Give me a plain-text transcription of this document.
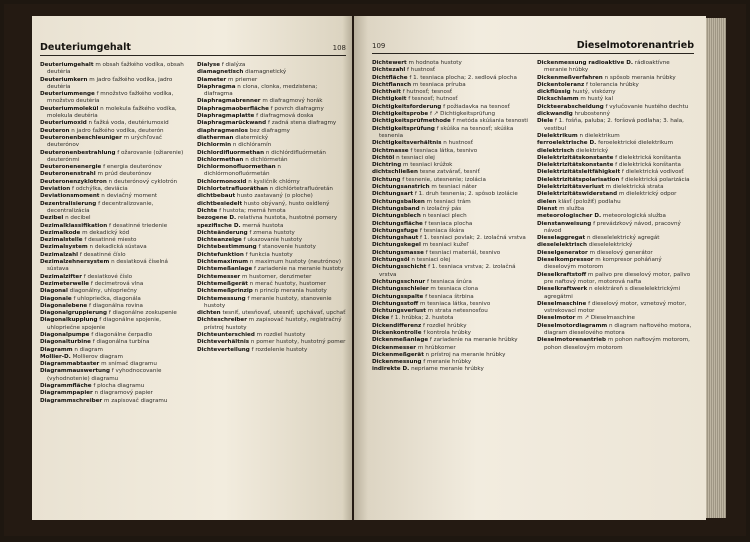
Deuteriumgehalt	108
Deuteriumgehalt m obsah ťažkého vodíka, obsah deutéria
Deuteriumkern m jadro ťažkého vodíka, jadro deutéria
Deuteriummenge f množstvo ťažkého vodíka, množstvo deutéria
Deuteriummolekül n molekula ťažkého vodíka, molekula deutéria
Deuteriumoxid n ťažká voda, deutériumoxid
Deuteron n jadro ťažkého vodíka, deuterón
Deuteronenbeschleuniger m urýchľovač deuterónov
Deuteronenbestrahlung f ožarovanie (ožiarenie) deuterónmi
Deuteronenenergie f energia deuterónov
Deuteronenstrahl m prúd deuterónov
Deuteronenzyklotron n deuterónový cyklotrón
Deviation f odchýlka, deviácia
Deviationsmoment n deviačný moment
Dezentralisierung f decentralizovanie, decentralizácia
Dezibel n decibel
Dezimalklassifikation f desatinné triedenie
Dezimalkode m dekadický kód
Dezimalstelle f desatinné miesto
Dezimalsystem n dekadická sústava
Dezimalzahl f desatinné číslo
Dezimalzehnersystem n desiatková číselná sústava
Dezimalzifter f desiatkové číslo
Dezimeterwelle f decimetrová vlna
Diagonal diagonálny, uhlopriečny
Diagonale f uhlopriečka, diagonála
Diagonalebene f diagonálna rovina
Diagonalgruppierung f diagonálne zoskupenie
Diagonalkupplung f diagonálne spojenie, uhlopriečne spojenie
Diagonalpumpe f diagonálne čerpadlo
Diagonalturbine f diagonálna turbína
Diagramm n diagram
Mollier-D. Mollierov diagram
Diagrammabtaster m snímač diagramu
Diagrammauswertung f vyhodnocovanie (vyhodnotenie) diagramu
Diagrammfläche f plocha diagramu
Diagrammpapier n diagramový papier
Diagrammschreiber m zapisovač diagramu
Dialyse f dialýza
diamagnetisch diamagnetický
Diameter m priemer
Diaphragma n clona, clonka, medzistena; diafragma
Diaphragmabrenner m diafragmový horák
Diaphragmaoberfläche f povrch diafragmy
Diaphragmaplatte f diafragmová doska
Diaphragmarückwand f zadná stena diafragmy
diaphragmenlos bez diafragmy
diatherman diatermický
Dichlormin n dichlóramín
Dichlordifluormethan n dichlórdifluórmetán
Dichlormethan n dichlórmetán
Dichlormonofluormethan n dichlórmonofluórmetán
Dichlormonoxid n kysličník chlórny
Dichlortetrafluoräthan n dichlórtetrafluóretán
dichtbebaut husto zastavaný (o ploche)
dichtbesiedelt husto obývaný, husto osídlený
Dichte f hustota; merná hmota
bezogene D. relatívna hustota, hustotné pomery
spezifische D. merná hustota
Dichteänderung f zmena hustoty
Dichteanzeige f ukazovanie hustoty
Dichtebestimmung f stanovenie hustoty
Dichtefunktion f funkcia hustoty
Dichtemaximum n maximum hustoty (neutrónov)
Dichtemeßanlage f zariadenie na meranie hustoty
Dichtemesser m hustomer, denzimeter
Dichtemeßgerät n merač hustoty, hustomer
Dichtemeßprinzip n princíp merania hustoty
Dichtemessung f meranie hustoty, stanovenie hustoty
dichten tesniť, utesňovať, utesniť; upchávať, upchať
Dichteschreiber m zapisovač hustoty, registračný prístroj hustoty
Dichteunterschied m rozdiel hustoty
Dichteverhältnis n pomer hustoty, hustotný pomer
Dichteverteilung f rozdelenie hustoty
109	Dieselmotorenantrieb
Dichtewert m hodnota hustoty
Dichtezahl f hustnosť
Dichtfläche f 1. tesniaca plocha; 2. sedlová plocha
Dichtflansch m tesniaca príruba
Dichtheit f hutnosť; tesnosť
Dichtigkeit f tesnosť; hutnosť
Dichtigkeitsforderung f požiadavka na tesnosť
Dichtigkeitsprobe f ↗ Dichtigkeitsprüfung
Dichtigkeitsprüfmethode f metóda skúšania tesnosti
Dichtigkeitsprüfung f skúška na tesnosť; skúška tesnenia
Dichtigkeitsverhältnis n hustnosť
Dichtmasse f tesniaca látka, tesnivo
Dichtöl n tesniaci olej
Dichtring m tesniaci krúžok
dichtschließen tesne zatvárať, tesniť
Dichtung f tesnenie, utesnenie; izolácia
Dichtungsanstrich m tesniaci náter
Dichtungsart f 1. druh tesnenia; 2. spôsob izolácie
Dichtungsbalken m tesniaci trám
Dichtungsband n izolačný pás
Dichtungsblech n tesniaci plech
Dichtungsfläche f tesniaca plocha
Dichtungsfuge f tesniaca škára
Dichtungshaut f 1. tesniaci povlak; 2. izolačná vrstva
Dichtungskegel m tesniaci kužeľ
Dichtungsmasse f tesniaci materiál, tesnivo
Dichtungsöl n tesniaci olej
Dichtungsschicht f 1. tesniaca vrstva; 2. izolačná vrstva
Dichtungsschnur f tesniaca šnúra
Dichtungsschleier m tesniaca clona
Dichtungsspalte f tesniaca štrbina
Dichtungsstoff m tesniaca látka, tesnivo
Dichtungsverlust m strata netesnosťou
Dicke f 1. hrúbka; 2. hustota
Dickendifferenz f rozdiel hrúbky
Dickenkontrolle f kontrola hrúbky
Dickenmeßanlage f zariadenie na meranie hrúbky
Dickenmesser m hrúbkomer
Dickenmeßgerät n prístroj na meranie hrúbky
Dickenmessung f meranie hrúbky
indirekte D. nepriame meranie hrúbky
Dickenmessung radioaktive D. rádioaktívne meranie hrúbky
Dickenmeßverfahren n spôsob merania hrúbky
Dickentoleranz f tolerancia hrúbky
dickflüssig hustý, viskózny
Dickschlamm m hustý kal
Dickteerabscheidung f vylučovanie hustého dechtu
dickwandig hrubostenný
Diele f 1. fošňa, paluba; 2. foršová podlaha; 3. hala, vestibul
Dielektrikum n dielektrikum
ferroelektrische D. feroelektrické dielektrikum
dielektrisch dielektrický
Dielektrizitätskonstante f dielektrická konštanta
Dielektrizitätskonstante f dielektrická konštanta
Dielektrizitätsleitfähigkeit f dielektrická vodivosť
Dielektrizitätspolarisation f dielektrická polarizácia
Dielektrizitätsverlust m dielektrická strata
Dielektrizitätswiderstand m dielektrický odpor
dielen klásť (položiť) podlahu
Dienst m služba
meteorologischer D. meteorologická služba
Dienstanweisung f prevádzkový návod, pracovný návod
Dieselaggregat n dieselelektrický agregát
dieselelektrisch dieselelektrický
Dieselgenerator m dieselový generátor
Dieselkompressor m kompresor poháňaný dieselovým motorom
Dieselkraftstoff m palivo pre dieselový motor, palivo pre naftový motor, motorová nafta
Dieselkraftwerk n elektráreň s dieselelektrickými agregátmi
Dieselmaschine f dieselový motor, vznetový motor, vstrekovací motor
Dieselmotor m ↗ Dieselmaschine
Dieselmotordiagramm n diagram naftového motora, diagram dieselového motora
Dieselmotorenantrieb m pohon naftovým motorom, pohon dieselovým motorom
